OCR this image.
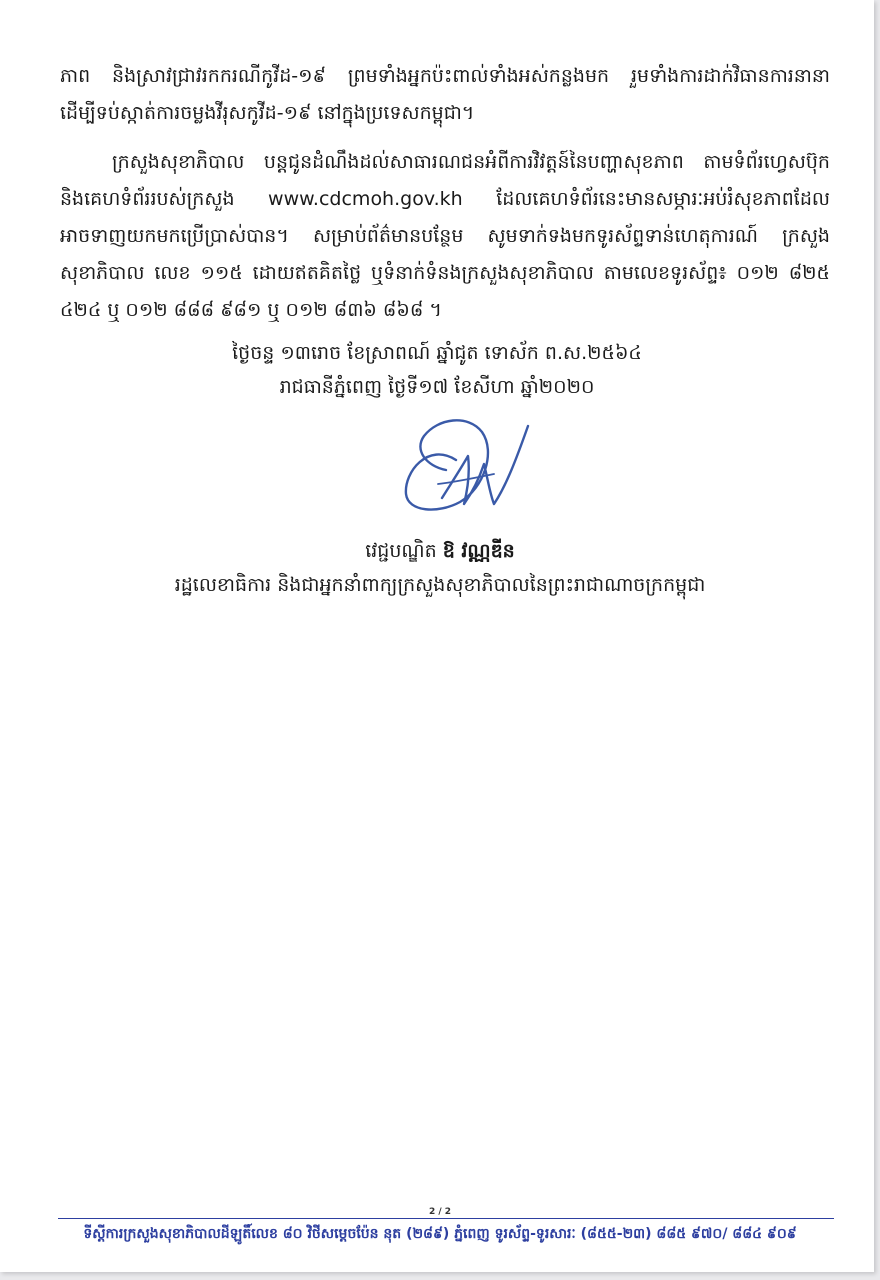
ភាព និងស្រាវជ្រាវរកករណីកូវីដ-១៩ ព្រមទាំងអ្នកប៉ះពាល់ទាំងអស់កន្លងមក រួមទាំងការដាក់វិធានការនានា ដើម្បីទប់ស្កាត់ការចម្លងវីរុសកូវីដ-១៩ នៅក្នុងប្រទេសកម្ពុជា។
ក្រសួងសុខាភិបាល បន្តជូនដំណឹងដល់សាធារណជនអំពីការវិវត្តន៍នៃបញ្ហាសុខភាព តាមទំព័រហ្វេសប៊ុក និងគេហទំព័ររបស់ក្រសួង www.cdcmoh.gov.kh ដែលគេហទំព័រនេះមានសម្ភារៈអប់រំសុខភាពដែលអាចទាញយកមកប្រើប្រាស់បាន។ សម្រាប់ព័ត៌មានបន្ថែម សូមទាក់ទងមកទូរស័ព្ទទាន់ហេតុការណ៍ ក្រសួងសុខាភិបាល លេខ ១១៥ ដោយឥតគិតថ្លៃ ឬទំនាក់ទំនងក្រសួងសុខាភិបាល តាមលេខទូរស័ព្ទ៖ ០១២ ៨២៥ ៤២៤ ឬ ០១២ ៨៨៨ ៩៨១ ឬ ០១២ ៨៣៦ ៨៦៨ ។
ថ្ងៃចន្ទ ១៣រោច ខែស្រាពណ៍ ឆ្នាំជូត ទោស័ក ព.ស.២៥៦៤
រាជធានីភ្នំពេញ ថ្ងៃទី១៧ ខែសីហា ឆ្នាំ២០២០
វេជ្ជបណ្ឌិត ឱ វណ្ណឌីន
រដ្ឋលេខាធិការ និងជាអ្នកនាំពាក្យក្រសួងសុខាភិបាលនៃព្រះរាជាណាចក្រកម្ពុជា
2 / 2
ទីស្តីការក្រសួងសុខាភិបាលដីឡូតិ៍លេខ ៨០ វិថីសម្តេចប៉ែន នុត (២៨៩) ភ្នំពេញ ទូរស័ព្ទ-ទូរសារៈ (៨៥៥-២៣) ៨៨៥ ៩៧០/ ៨៨៤ ៩០៩
